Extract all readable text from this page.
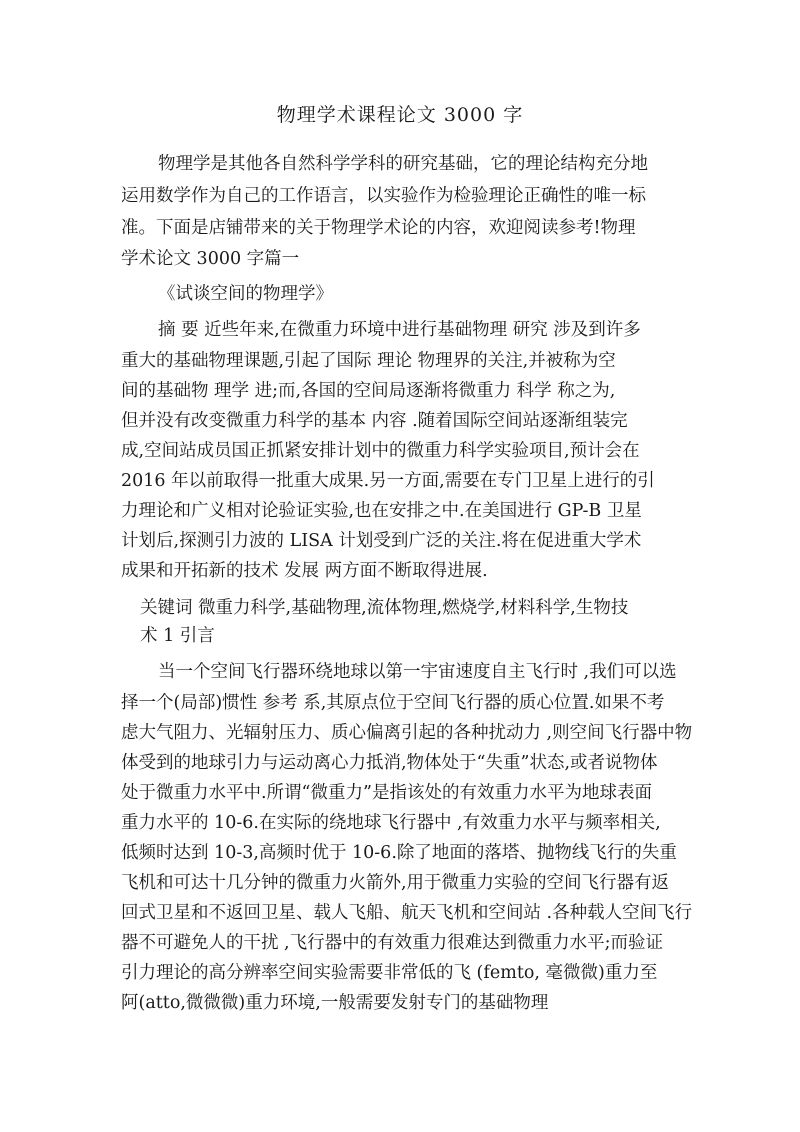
物理学术课程论文 3000 字
物理学是其他各自然科学学科的研究基础，它的理论结构充分地
运用数学作为自己的工作语言，以实验作为检验理论正确性的唯一标
准。下面是店铺带来的关于物理学术论的内容，欢迎阅读参考!物理
学术论文 3000 字篇一
《试谈空间的物理学》
摘 要 近些年来,在微重力环境中进行基础物理 研究 涉及到许多
重大的基础物理课题,引起了国际 理论 物理界的关注,并被称为空
间的基础物 理学 进;而,各国的空间局逐渐将微重力 科学 称之为,
但并没有改变微重力科学的基本 内容 .随着国际空间站逐渐组装完
成,空间站成员国正抓紧安排计划中的微重力科学实验项目,预计会在
2016 年以前取得一批重大成果.另一方面,需要在专门卫星上进行的引
力理论和广义相对论验证实验,也在安排之中.在美国进行 GP-B 卫星
计划后,探测引力波的 LISA 计划受到广泛的关注.将在促进重大学术
成果和开拓新的技术 发展 两方面不断取得进展.
关键词 微重力科学,基础物理,流体物理,燃烧学,材料科学,生物技
术 1 引言
当一个空间飞行器环绕地球以第一宇宙速度自主飞行时 ,我们可以选
择一个(局部)惯性 参考 系,其原点位于空间飞行器的质心位置.如果不考
虑大气阻力、光辐射压力、质心偏离引起的各种扰动力 ,则空间飞行器中物
体受到的地球引力与运动离心力抵消,物体处于“失重”状态,或者说物体
处于微重力水平中.所谓“微重力”是指该处的有效重力水平为地球表面
重力水平的 10-6.在实际的绕地球飞行器中 ,有效重力水平与频率相关,
低频时达到 10-3,高频时优于 10-6.除了地面的落塔、抛物线飞行的失重
飞机和可达十几分钟的微重力火箭外,用于微重力实验的空间飞行器有返
回式卫星和不返回卫星、载人飞船、航天飞机和空间站 .各种载人空间飞行
器不可避免人的干扰 ,飞行器中的有效重力很难达到微重力水平;而验证
引力理论的高分辨率空间实验需要非常低的飞 (femto, 毫微微)重力至
阿(atto,微微微)重力环境,一般需要发射专门的基础物理
